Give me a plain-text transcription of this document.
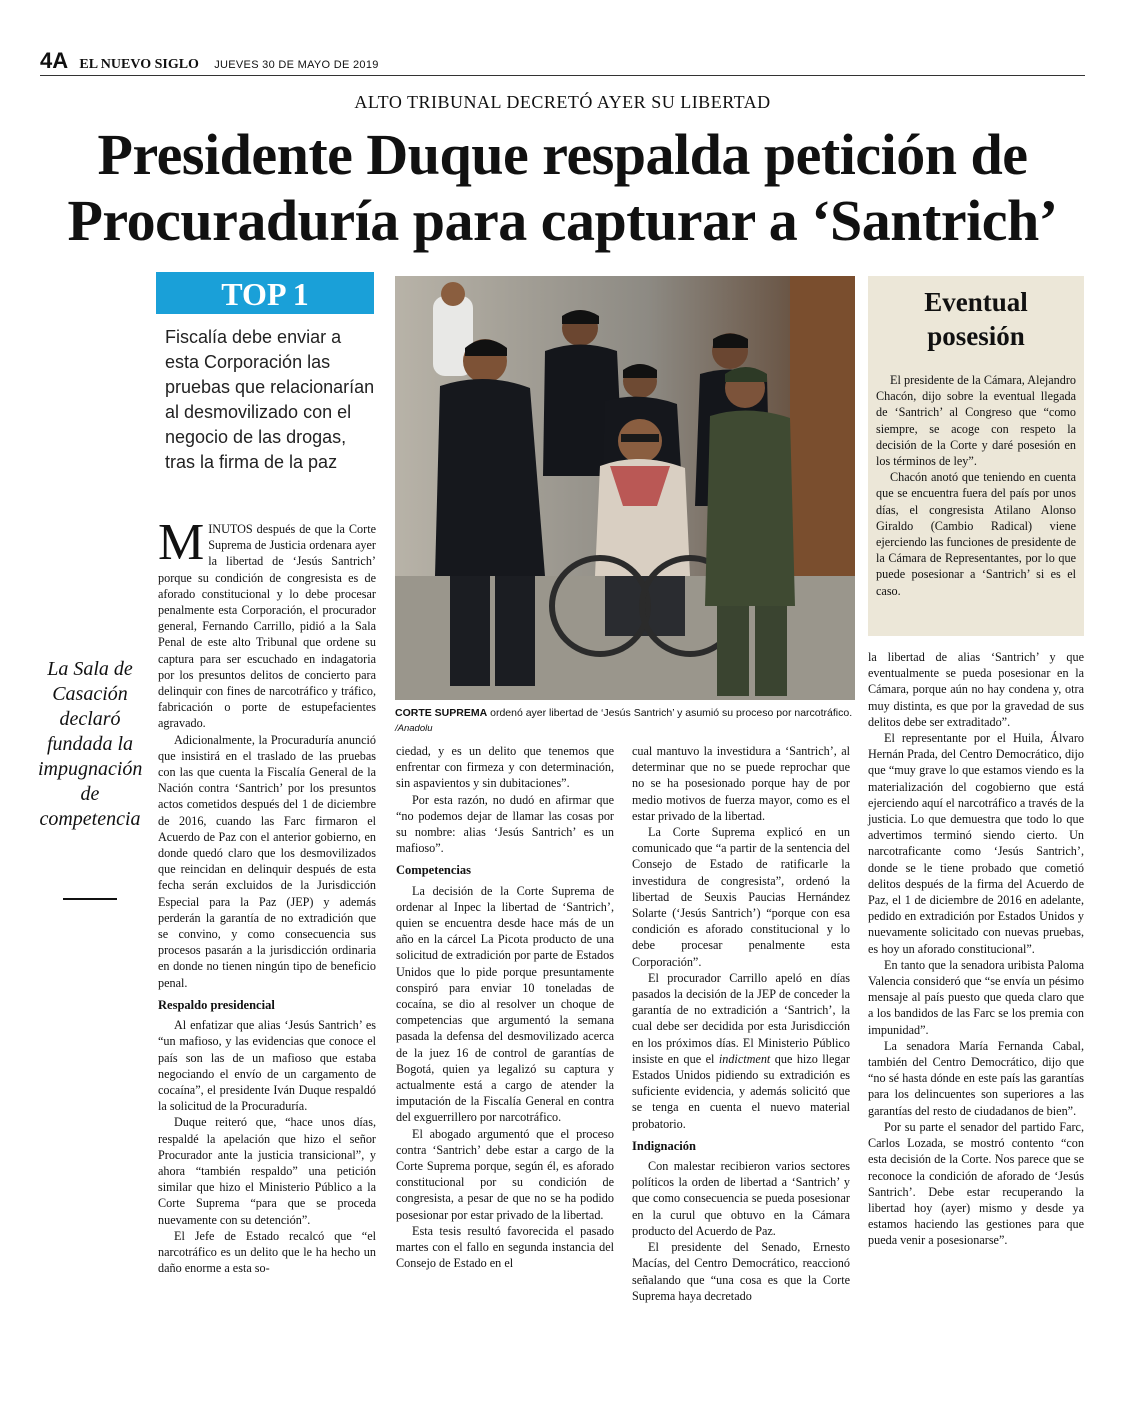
4A EL NUEVO SIGLO JUEVES 30 DE MAYO DE 2019
ALTO TRIBUNAL DECRETÓ AYER SU LIBERTAD
Presidente Duque respalda petición de
Procuraduría para capturar a ‘Santrich’
TOP 1
Fiscalía debe enviar a esta Corporación las pruebas que relacionarían al desmovilizado con el negocio de las drogas, tras la firma de la paz
CORTE SUPREMA ordenó ayer libertad de ‘Jesús Santrich’ y asumió su proceso por narcotráfico. /Anadolu
Eventual
posesión

El presidente de la Cámara, Alejandro Chacón, dijo sobre la eventual llegada de ‘Santrich’ al Congreso que “como siempre, se acoge con respeto la decisión de la Corte y daré posesión en los términos de ley”.

Chacón anotó que teniendo en cuenta que se encuentra fuera del país por unos días, el congresista Atilano Alonso Giraldo (Cambio Radical) viene ejerciendo las funciones de presidente de la Cámara de Representantes, por lo que puede posesionar a ‘Santrich’ si es el caso.

La Sala de Casación declaró fundada la impugnación de competencia

MINUTOS después de que la Corte Suprema de Justicia ordenara ayer la libertad de ‘Jesús Santrich’ porque su condición de congresista es de aforado constitucional y lo debe procesar penalmente esta Corporación, el procurador general, Fernando Carrillo, pidió a la Sala Penal de este alto Tribunal que ordene su captura para ser escuchado en indagatoria por los presuntos delitos de concierto para delinquir con fines de narcotráfico y tráfico, fabricación o porte de estupefacientes agravado.

Adicionalmente, la Procuraduría anunció que insistirá en el traslado de las pruebas con las que cuenta la Fiscalía General de la Nación contra ‘Santrich’ por los presuntos actos cometidos después del 1 de diciembre de 2016, cuando las Farc firmaron el Acuerdo de Paz con el anterior gobierno, en donde quedó claro que los desmovilizados que reincidan en delinquir después de esta fecha serán excluidos de la Jurisdicción Especial para la Paz (JEP) y además perderán la garantía de no extradición que se convino, y como consecuencia sus procesos pasarán a la jurisdicción ordinaria en donde no tienen ningún tipo de beneficio penal.

Respaldo presidencial

Al enfatizar que alias ‘Jesús Santrich’ es “un mafioso, y las evidencias que conoce el país son las de un mafioso que estaba negociando el envío de un cargamento de cocaína”, el presidente Iván Duque respaldó la solicitud de la Procuraduría.

Duque reiteró que, “hace unos días, respaldé la apelación que hizo el señor Procurador ante la justicia transicional”, y ahora “también respaldo” una petición similar que hizo el Ministerio Público a la Corte Suprema “para que se proceda nuevamente con su detención”.

El Jefe de Estado recalcó que “el narcotráfico es un delito que le ha hecho un daño enorme a esta so-

ciedad, y es un delito que tenemos que enfrentar con firmeza y con determinación, sin aspavientos y sin dubitaciones”.

Por esta razón, no dudó en afirmar que “no podemos dejar de llamar las cosas por su nombre: alias ‘Jesús Santrich’ es un mafioso”.

Competencias

La decisión de la Corte Suprema de ordenar al Inpec la libertad de ‘Santrich’, quien se encuentra desde hace más de un año en la cárcel La Picota producto de una solicitud de extradición por parte de Estados Unidos que lo pide porque presuntamente conspiró para enviar 10 toneladas de cocaína, se dio al resolver un choque de competencias que argumentó la semana pasada la defensa del desmovilizado acerca de la juez 16 de control de garantías de Bogotá, quien ya legalizó su captura y actualmente está a cargo de atender la imputación de la Fiscalía General en contra del exguerrillero por narcotráfico.

El abogado argumentó que el proceso contra ‘Santrich’ debe estar a cargo de la Corte Suprema porque, según él, es aforado constitucional por su condición de congresista, a pesar de que no se ha podido posesionar por estar privado de la libertad.

Esta tesis resultó favorecida el pasado martes con el fallo en segunda instancia del Consejo de Estado en el

cual mantuvo la investidura a ‘Santrich’, al determinar que no se puede reprochar que no se ha posesionado porque hay de por medio motivos de fuerza mayor, como es el estar privado de la libertad.

La Corte Suprema explicó en un comunicado que “a partir de la sentencia del Consejo de Estado de ratificarle la investidura de congresista”, ordenó la libertad de Seuxis Paucias Hernández Solarte (‘Jesús Santrich’) “porque con esa condición es aforado constitucional y lo debe procesar penalmente esta Corporación”.

El procurador Carrillo apeló en días pasados la decisión de la JEP de conceder la garantía de no extradición a ‘Santrich’, la cual debe ser decidida por esta Jurisdicción en los próximos días. El Ministerio Público insiste en que el indictment que hizo llegar Estados Unidos pidiendo su extradición es suficiente evidencia, y además solicitó que se tenga en cuenta el nuevo material probatorio.

Indignación

Con malestar recibieron varios sectores políticos la orden de libertad a ‘Santrich’ y que como consecuencia se pueda posesionar en la curul que obtuvo en la Cámara producto del Acuerdo de Paz.

El presidente del Senado, Ernesto Macías, del Centro Democrático, reaccionó señalando que “una cosa es que la Corte Suprema haya decretado

la libertad de alias ‘Santrich’ y que eventualmente se pueda posesionar en la Cámara, porque aún no hay condena y, otra muy distinta, es que por la gravedad de sus delitos debe ser extraditado”.

El representante por el Huila, Álvaro Hernán Prada, del Centro Democrático, dijo que “muy grave lo que estamos viendo es la materialización del cogobierno que está ejerciendo aquí el narcotráfico a través de la justicia. Lo que demuestra que todo lo que advertimos terminó siendo cierto. Un narcotraficante como ‘Jesús Santrich’, donde se le tiene probado que cometió delitos después de la firma del Acuerdo de Paz, el 1 de diciembre de 2016 en adelante, pedido en extradición por Estados Unidos y nuevamente solicitado con nuevas pruebas, es hoy un aforado constitucional”.

En tanto que la senadora uribista Paloma Valencia consideró que “se envía un pésimo mensaje al país puesto que queda claro que a los bandidos de las Farc se los premia con impunidad”.

La senadora María Fernanda Cabal, también del Centro Democrático, dijo que “no sé hasta dónde en este país las garantías para los delincuentes son superiores a las garantías del resto de ciudadanos de bien”.

Por su parte el senador del partido Farc, Carlos Lozada, se mostró contento “con esta decisión de la Corte. Nos parece que se reconoce la condición de aforado de ‘Jesús Santrich’. Debe estar recuperando la libertad hoy (ayer) mismo y desde ya estamos haciendo las gestiones para que pueda venir a posesionarse”.
